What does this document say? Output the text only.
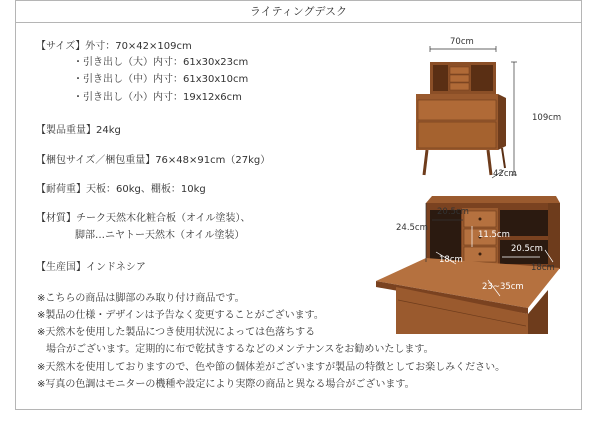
ライティングデスク
【サイズ】外寸：70×42×109cm
・引き出し（大）内寸：61x30x23cm
・引き出し（中）内寸：61x30x10cm
・引き出し（小）内寸：19x12x6cm
【製品重量】24kg
【梱包サイズ／梱包重量】76×48×91cm（27kg）
【耐荷重】天板：60kg、棚板：10kg
【材質】チーク天然木化粧合板（オイル塗装）、
脚部…ニヤトー天然木（オイル塗装）
【生産国】インドネシア
※こちらの商品は脚部のみ取り付け商品です。
※製品の仕様・デザインは予告なく変更することがございます。
※天然木を使用した製品につき使用状況によっては色落ちする
場合がございます。定期的に布で乾拭きするなどのメンテナンスをお勧めいたします。
※天然木を使用しておりますので、色や節の個体差がございますが製品の特徴としてお楽しみください。
※写真の色調はモニターの機種や設定により実際の商品と異なる場合がございます。
70cm
109cm
42cm
24.5cm
20.5cm
11.5cm
20.5cm
18cm
18cm
23~35cm
